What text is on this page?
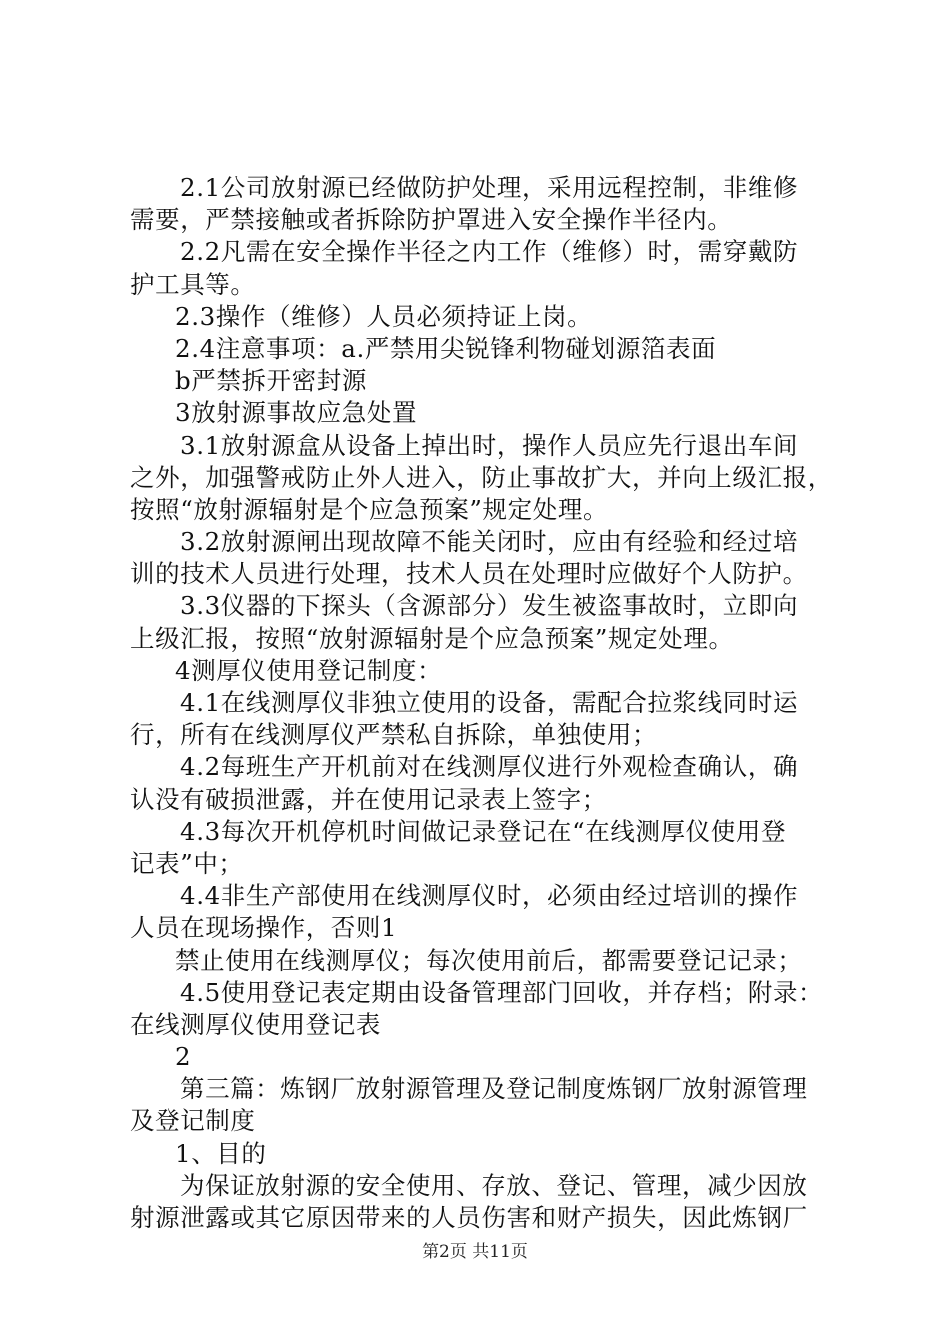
2.1公司放射源已经做防护处理，采用远程控制，非维修
需要，严禁接触或者拆除防护罩进入安全操作半径内。
2.2凡需在安全操作半径之内工作（维修）时，需穿戴防
护工具等。
2.3操作（维修）人员必须持证上岗。
2.4注意事项：a.严禁用尖锐锋利物碰划源箔表面
b严禁拆开密封源
3放射源事故应急处置
3.1放射源盒从设备上掉出时，操作人员应先行退出车间
之外，加强警戒防止外人进入，防止事故扩大，并向上级汇报，
按照“放射源辐射是个应急预案”规定处理。
3.2放射源闸出现故障不能关闭时，应由有经验和经过培
训的技术人员进行处理，技术人员在处理时应做好个人防护。
3.3仪器的下探头（含源部分）发生被盗事故时，立即向
上级汇报，按照“放射源辐射是个应急预案”规定处理。
4测厚仪使用登记制度：
4.1在线测厚仪非独立使用的设备，需配合拉浆线同时运
行，所有在线测厚仪严禁私自拆除，单独使用；
4.2每班生产开机前对在线测厚仪进行外观检查确认，确
认没有破损泄露，并在使用记录表上签字；
4.3每次开机停机时间做记录登记在“在线测厚仪使用登
记表”中；
4.4非生产部使用在线测厚仪时，必须由经过培训的操作
人员在现场操作，否则1
禁止使用在线测厚仪；每次使用前后，都需要登记记录；
4.5使用登记表定期由设备管理部门回收，并存档；附录：
在线测厚仪使用登记表
2
第三篇：炼钢厂放射源管理及登记制度炼钢厂放射源管理
及登记制度
1、目的
为保证放射源的安全使用、存放、登记、管理，减少因放
射源泄露或其它原因带来的人员伤害和财产损失，因此炼钢厂
第2页 共11页
